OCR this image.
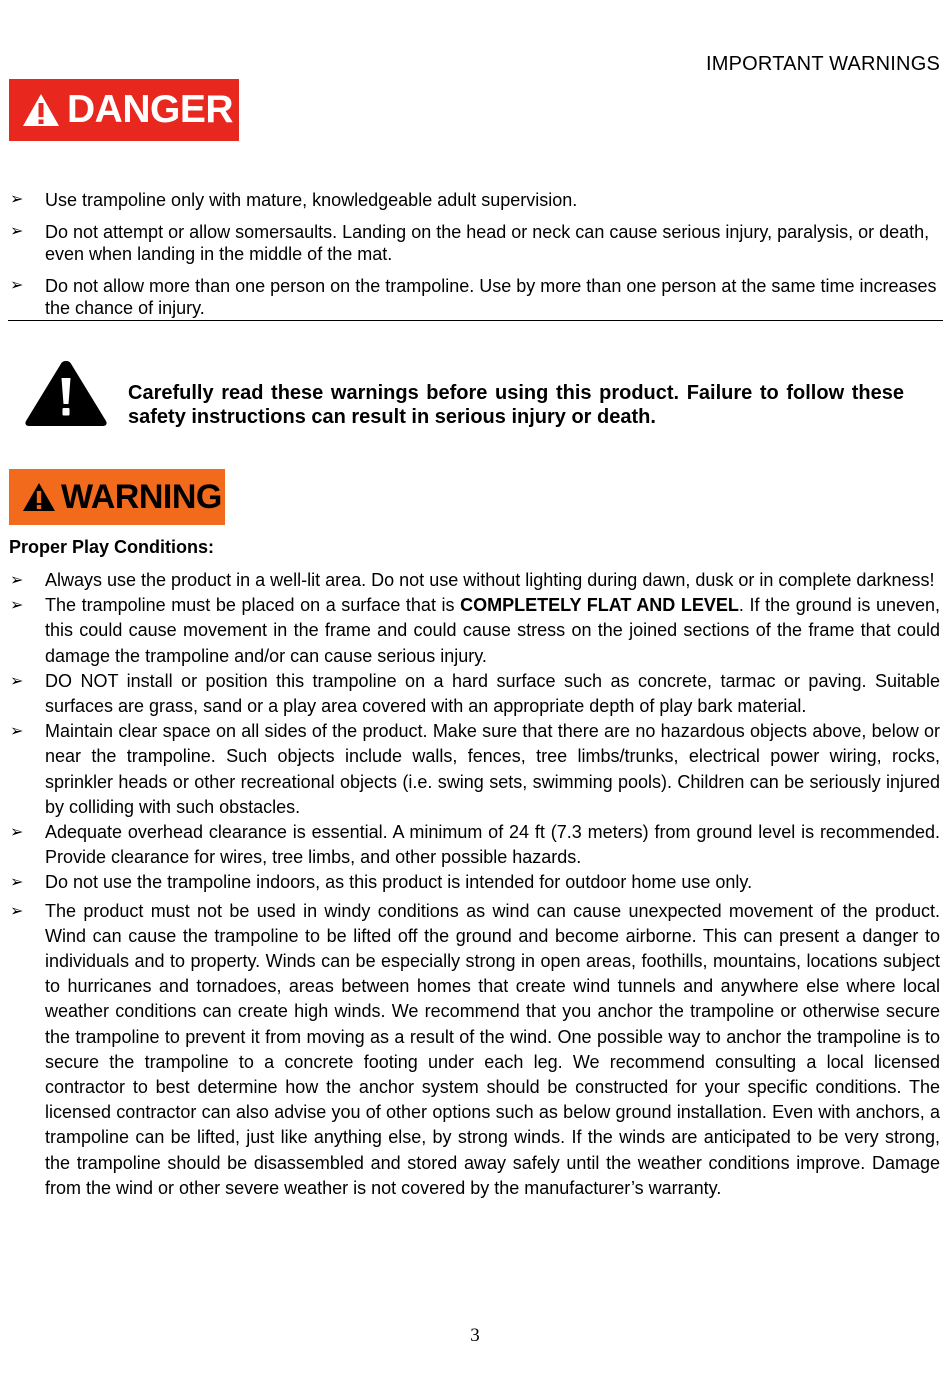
IMPORTANT WARNINGS
DANGER
➢ Use trampoline only with mature, knowledgeable adult supervision.
➢ Do not attempt or allow somersaults. Landing on the head or neck can cause serious injury, paralysis, or death, even when landing in the middle of the mat.
➢ Do not allow more than one person on the trampoline. Use by more than one person at the same time increases the chance of injury.
Carefully read these warnings before using this product. Failure to follow these safety instructions can result in serious injury or death.
WARNING
Proper Play Conditions:
➢ Always use the product in a well-lit area. Do not use without lighting during dawn, dusk or in complete darkness!
➢ The trampoline must be placed on a surface that is COMPLETELY FLAT AND LEVEL. If the ground is uneven, this could cause movement in the frame and could cause stress on the joined sections of the frame that could damage the trampoline and/or can cause serious injury.
➢ DO NOT install or position this trampoline on a hard surface such as concrete, tarmac or paving. Suitable surfaces are grass, sand or a play area covered with an appropriate depth of play bark material.
➢ Maintain clear space on all sides of the product. Make sure that there are no hazardous objects above, below or near the trampoline. Such objects include walls, fences, tree limbs/trunks, electrical power wiring, rocks, sprinkler heads or other recreational objects (i.e. swing sets, swimming pools). Children can be seriously injured by colliding with such obstacles.
➢ Adequate overhead clearance is essential. A minimum of 24 ft (7.3 meters) from ground level is recommended. Provide clearance for wires, tree limbs, and other possible hazards.
➢ Do not use the trampoline indoors, as this product is intended for outdoor home use only.
➢ The product must not be used in windy conditions as wind can cause unexpected movement of the product. Wind can cause the trampoline to be lifted off the ground and become airborne. This can present a danger to individuals and to property. Winds can be especially strong in open areas, foothills, mountains, locations subject to hurricanes and tornadoes, areas between homes that create wind tunnels and anywhere else where local weather conditions can create high winds. We recommend that you anchor the trampoline or otherwise secure the trampoline to prevent it from moving as a result of the wind. One possible way to anchor the trampoline is to secure the trampoline to a concrete footing under each leg. We recommend consulting a local licensed contractor to best determine how the anchor system should be constructed for your specific conditions. The licensed contractor can also advise you of other options such as below ground installation. Even with anchors, a trampoline can be lifted, just like anything else, by strong winds. If the winds are anticipated to be very strong, the trampoline should be disassembled and stored away safely until the weather conditions improve. Damage from the wind or other severe weather is not covered by the manufacturer’s warranty.
3
